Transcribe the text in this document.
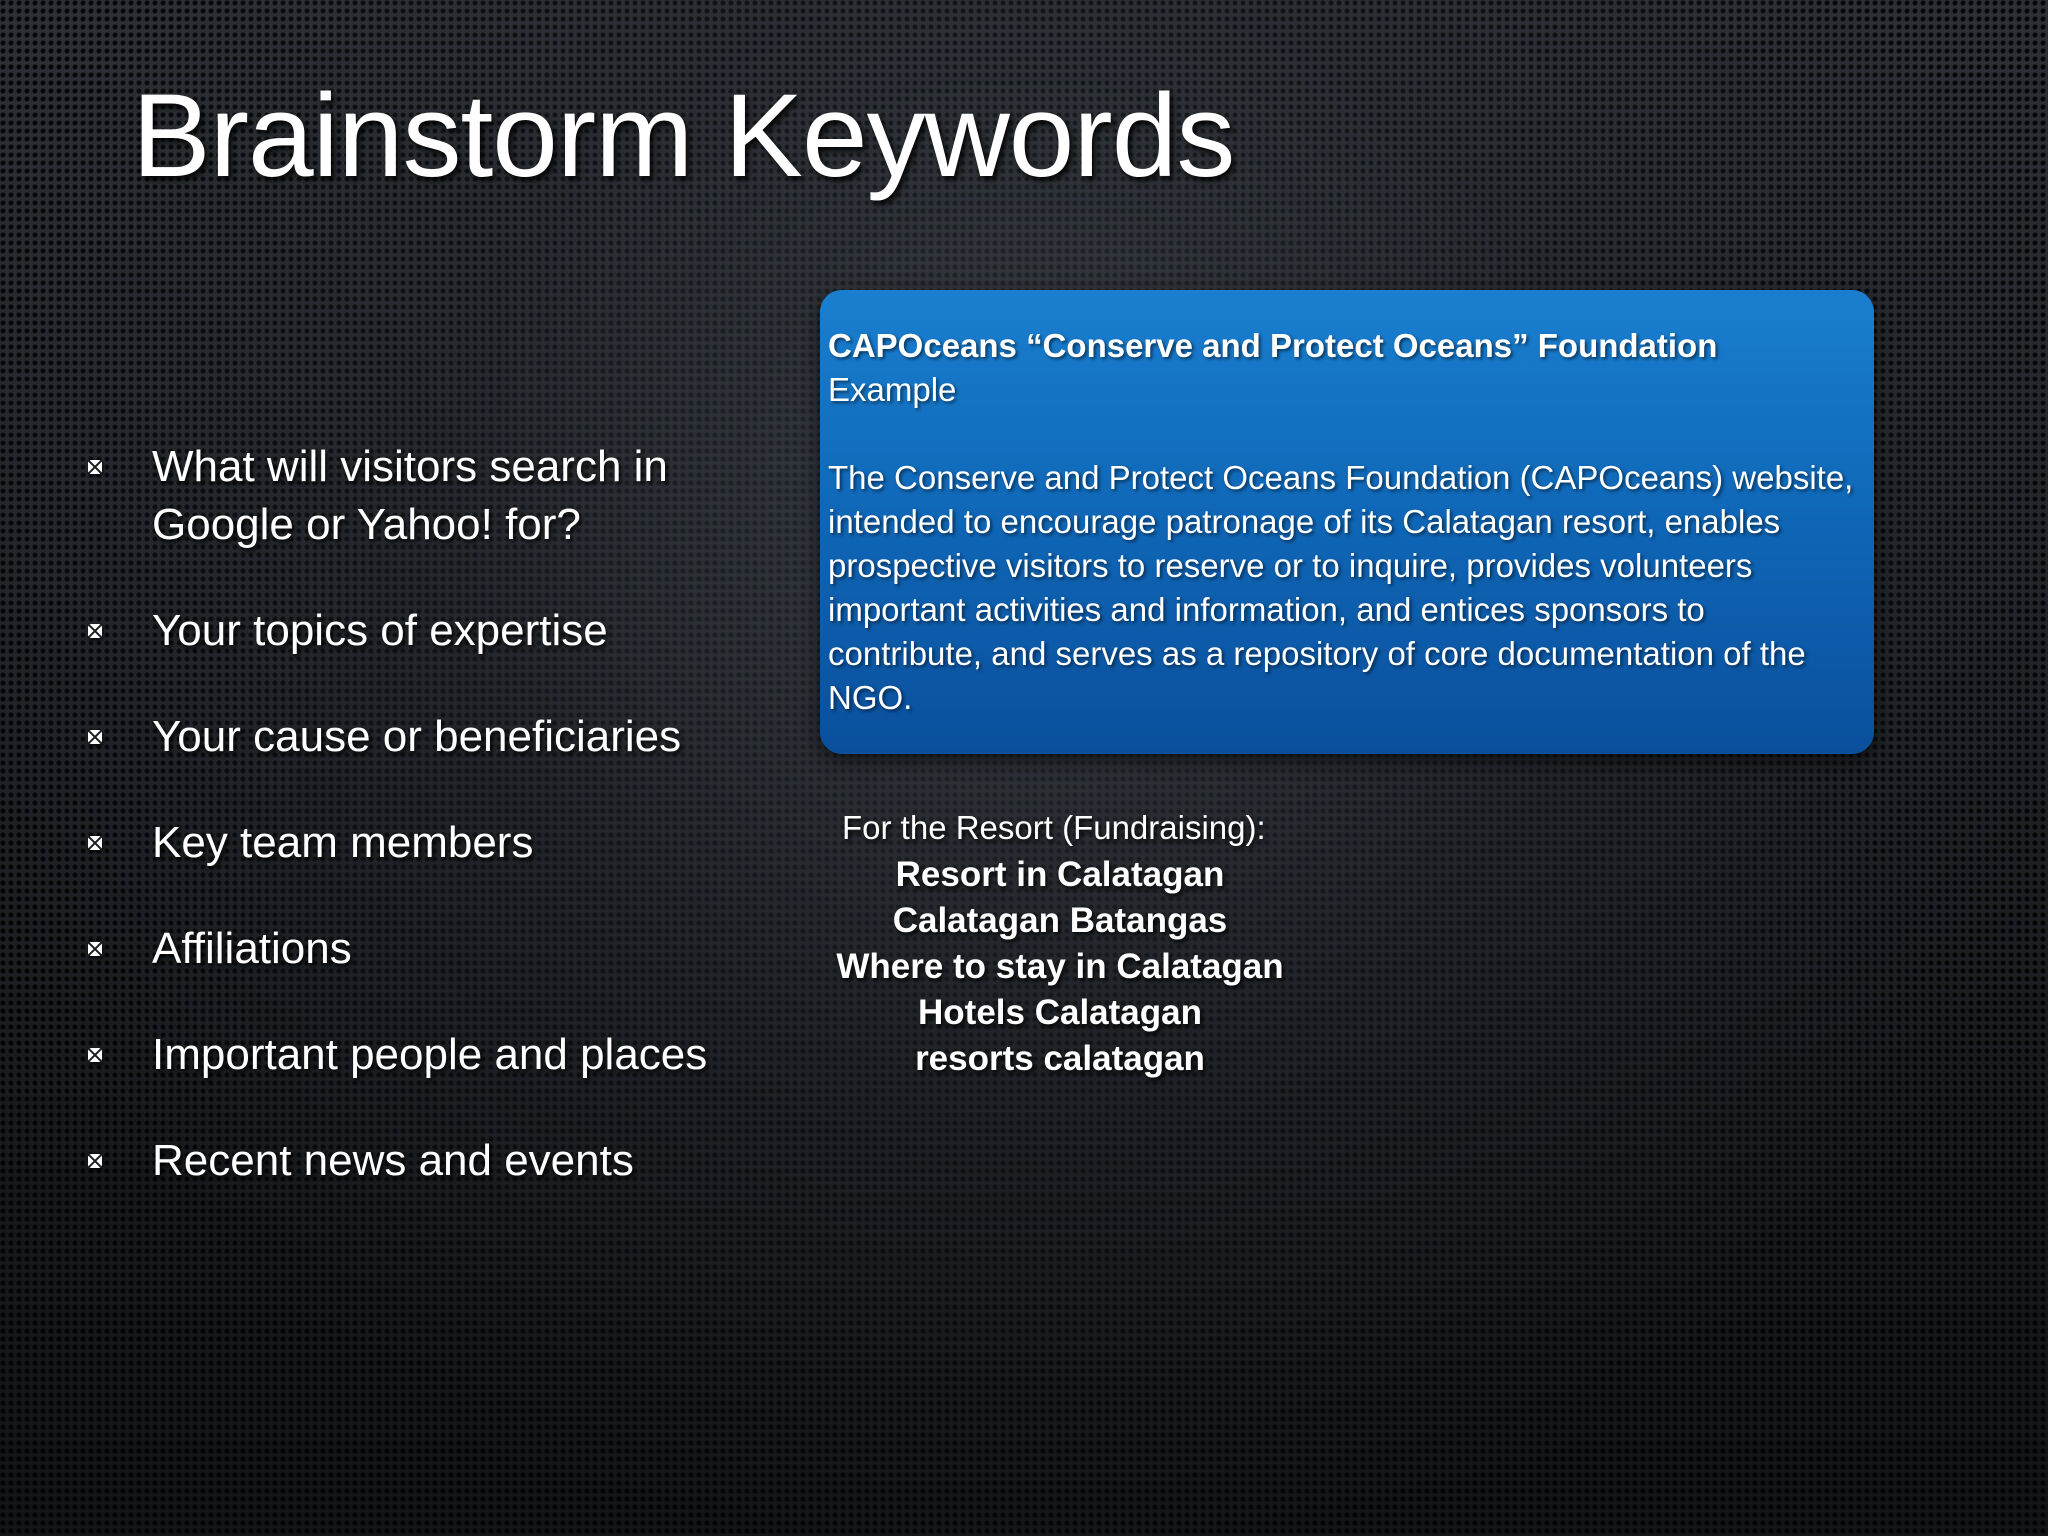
Brainstorm Keywords
What will visitors search in Google or Yahoo! for?
Your topics of expertise
Your cause or beneficiaries
Key team members
Affiliations
Important people and places
Recent news and events
CAPOceans “Conserve and Protect Oceans” Foundation
Example
The Conserve and Protect Oceans Foundation (CAPOceans) website, intended to encourage patronage of its Calatagan resort, enables prospective visitors to reserve or to inquire, provides volunteers important activities and information, and entices sponsors to contribute, and serves as a repository of core documentation of the NGO.
For the Resort (Fundraising):
Resort in Calatagan
Calatagan Batangas
Where to stay in Calatagan
Hotels Calatagan
resorts calatagan
